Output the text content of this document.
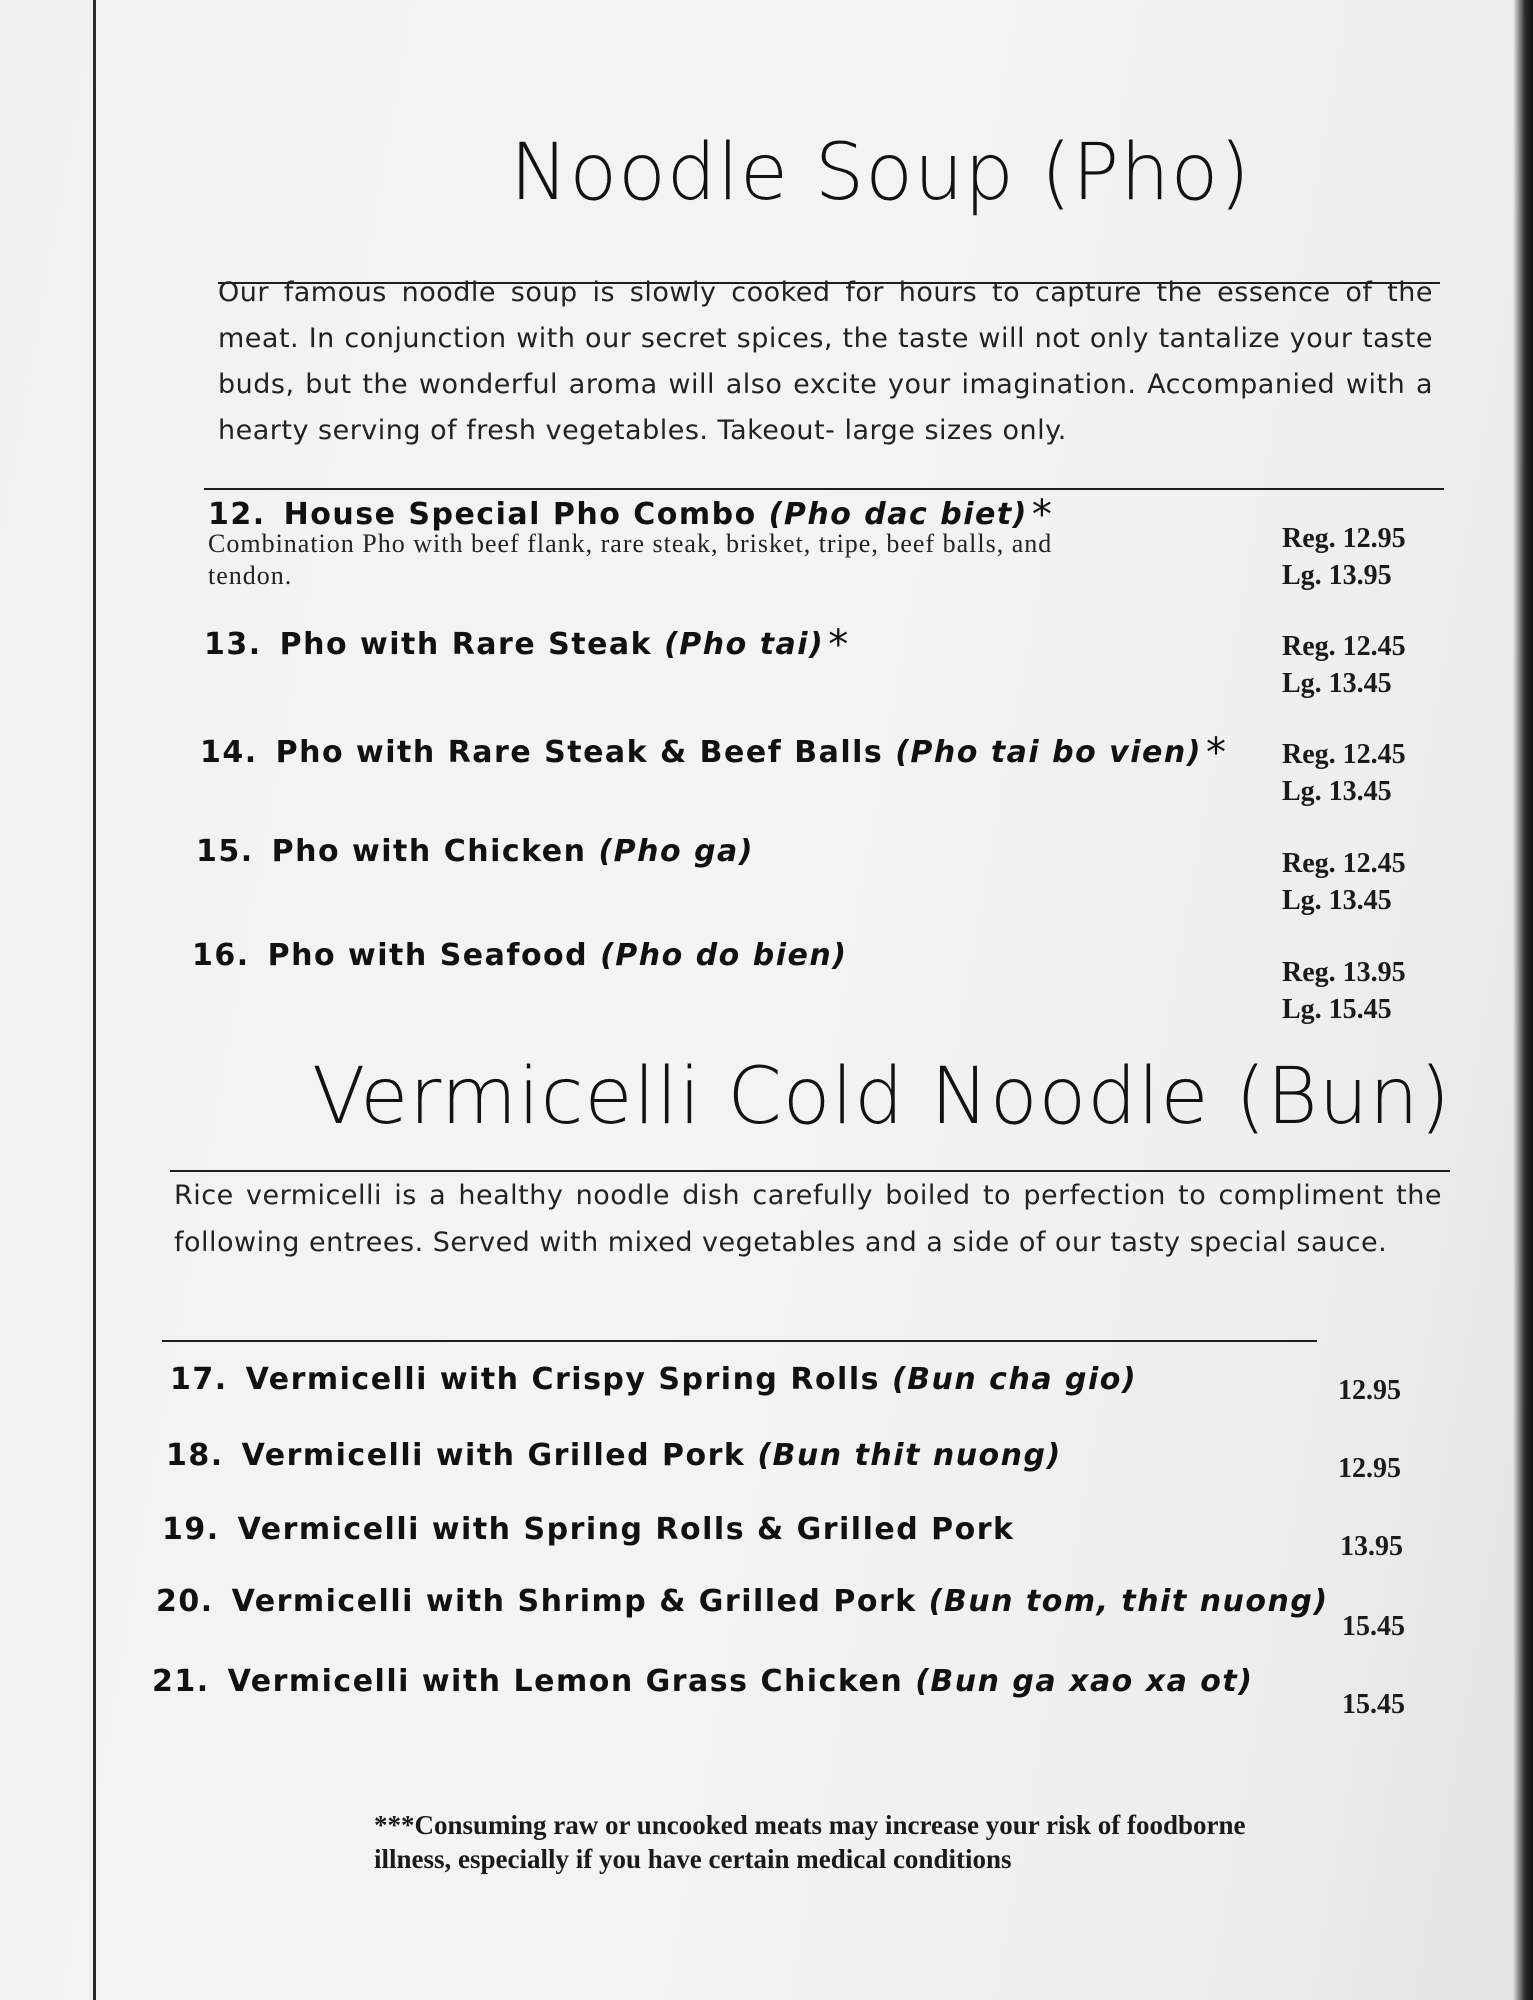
Noodle Soup (Pho)

Our famous noodle soup is slowly cooked for hours to capture the essence of the meat. In conjunction with our secret spices, the taste will not only tantalize your taste buds, but the wonderful aroma will also excite your imagination. Accompanied with a hearty serving of fresh vegetables. Takeout- large sizes only.

12. House Special Pho Combo (Pho dac biet) *
Combination Pho with beef flank, rare steak, brisket, tripe, beef balls, and tendon.
Reg. 12.95
Lg. 13.95
13. Pho with Rare Steak (Pho tai) *	Reg. 12.45
Lg. 13.45
14. Pho with Rare Steak & Beef Balls (Pho tai bo vien) * Reg. 12.45
Lg. 13.45
15. Pho with Chicken (Pho ga)	Reg. 12.45
Lg. 13.45
16. Pho with Seafood (Pho do bien)	Reg. 13.95
Lg. 15.45
Vermicelli Cold Noodle (Bun)

Rice vermicelli is a healthy noodle dish carefully boiled to perfection to compliment the following entrees. Served with mixed vegetables and a side of our tasty special sauce.

17. Vermicelli with Crispy Spring Rolls (Bun cha gio)	12.95
18. Vermicelli with Grilled Pork (Bun thit nuong)	12.95
19. Vermicelli with Spring Rolls & Grilled Pork	13.95
20. Vermicelli with Shrimp & Grilled Pork (Bun tom, thit nuong)
15.45
21. Vermicelli with Lemon Grass Chicken (Bun ga xao xa ot)
15.45
***Consuming raw or uncooked meats may increase your risk of foodborne illness, especially if you have certain medical conditions
